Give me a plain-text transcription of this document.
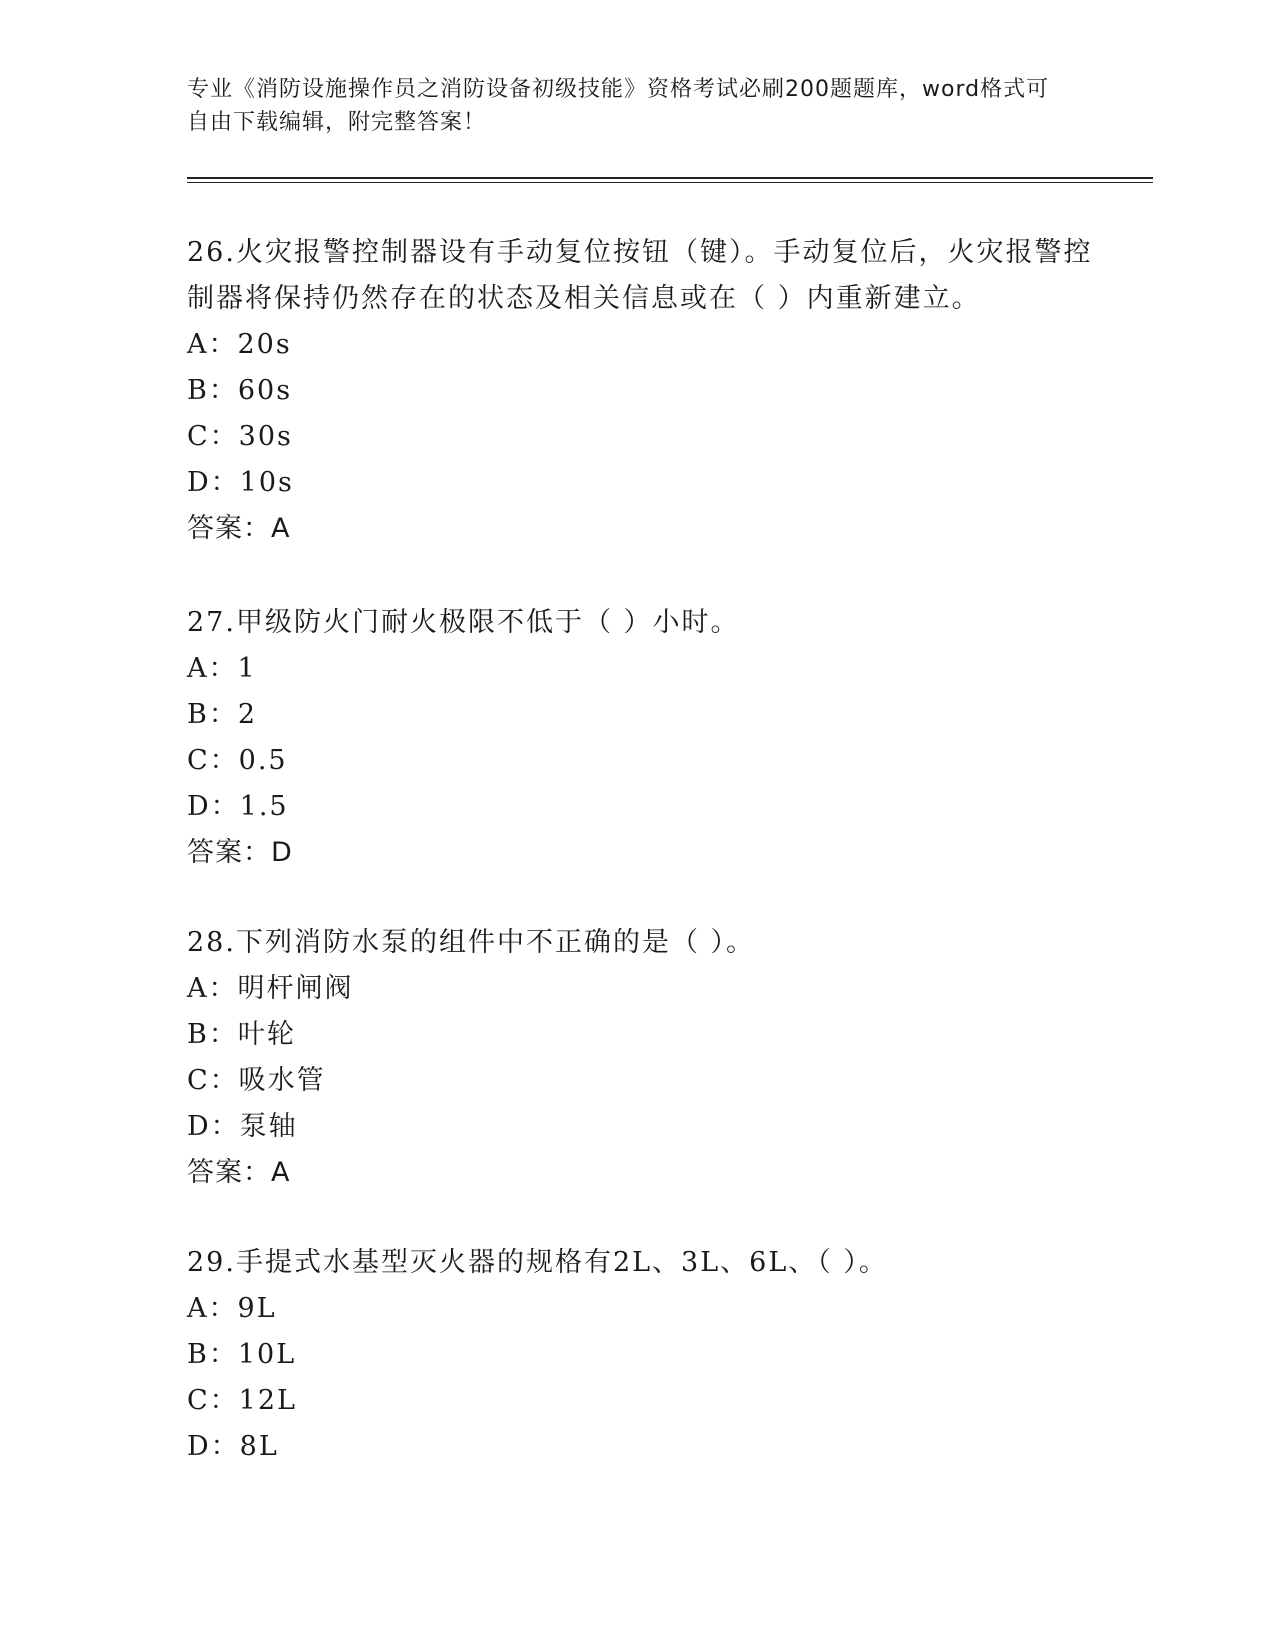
专业《消防设施操作员之消防设备初级技能》资格考试必刷200题题库，word格式可自由下载编辑，附完整答案！

26.火灾报警控制器设有手动复位按钮（键）。手动复位后，火灾报警控制器将保持仍然存在的状态及相关信息或在（ ）内重新建立。

A：20s

B：60s

C：30s

D：10s

答案：A

27.甲级防火门耐火极限不低于（ ）小时。

A：1

B：2

C：0.5

D：1.5

答案：D

28.下列消防水泵的组件中不正确的是（ ）。

A：明杆闸阀

B：叶轮

C：吸水管

D：泵轴

答案：A

29.手提式水基型灭火器的规格有2L、3L、6L、（ ）。

A：9L

B：10L

C：12L

D：8L
